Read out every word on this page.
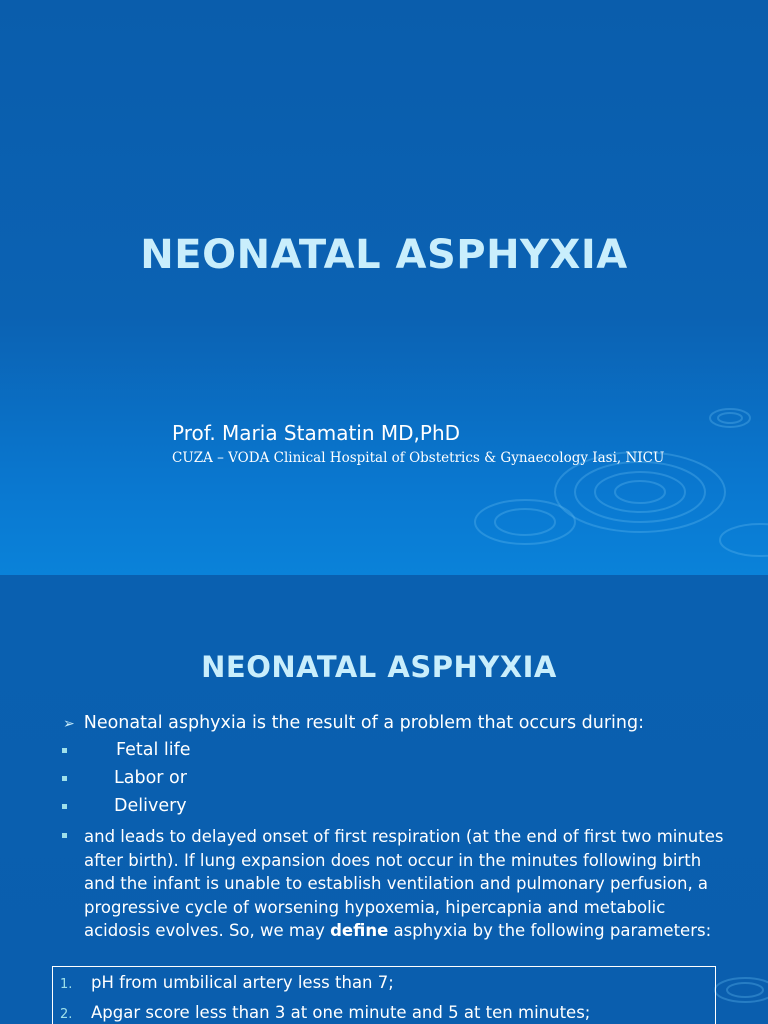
NEONATAL ASPHYXIA
Prof. Maria Stamatin MD,PhD
CUZA – VODA Clinical Hospital of Obstetrics & Gynaecology Iasi, NICU
NEONATAL ASPHYXIA
➢ Neonatal asphyxia is the result of a problem that occurs during:
Fetal life
Labor or
Delivery
and leads to delayed onset of first respiration (at the end of first two minutes after birth). If lung expansion does not occur in the minutes following birth and the infant is unable to establish ventilation and pulmonary perfusion, a progressive cycle of worsening hypoxemia, hipercapnia and metabolic acidosis evolves. So, we may define asphyxia by the following parameters:
1. pH from umbilical artery less than 7;
2. Apgar score less than 3 at one minute and 5 at ten minutes;
